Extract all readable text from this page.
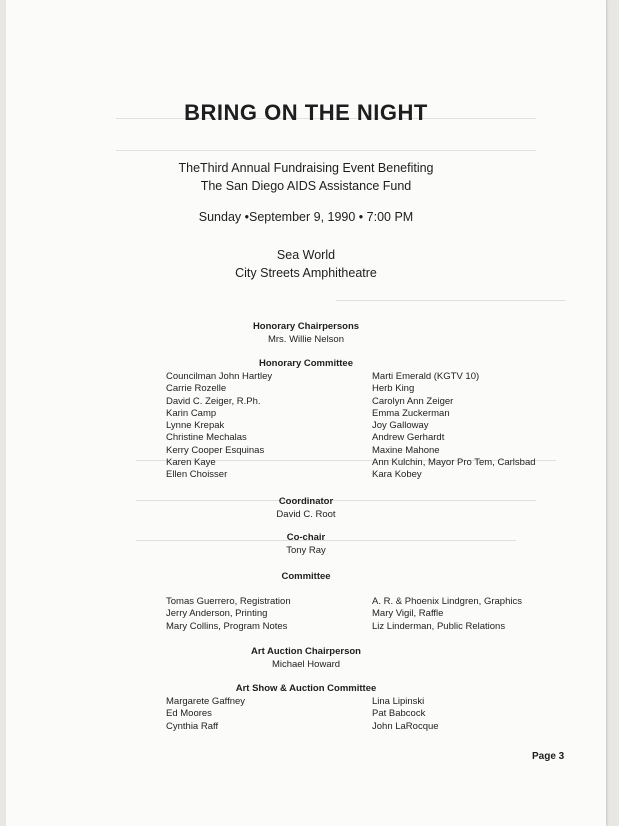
BRING ON THE NIGHT
TheThird Annual Fundraising Event Benefiting
The San Diego AIDS Assistance Fund
Sunday •September 9, 1990 • 7:00 PM
Sea World
City Streets Amphitheatre
Honorary Chairpersons
Mrs. Willie Nelson
Honorary Committee
Councilman John Hartley
Carrie Rozelle
David C. Zeiger, R.Ph.
Karin Camp
Lynne Krepak
Christine Mechalas
Kerry Cooper Esquinas
Karen Kaye
Ellen Choisser
Marti Emerald (KGTV 10)
Herb King
Carolyn Ann Zeiger
Emma Zuckerman
Joy Galloway
Andrew Gerhardt
Maxine Mahone
Ann Kulchin, Mayor Pro Tem, Carlsbad
Kara Kobey
Coordinator
David C. Root
Co-chair
Tony Ray
Committee
Tomas Guerrero, Registration
Jerry Anderson, Printing
Mary Collins, Program Notes
A. R. & Phoenix Lindgren, Graphics
Mary Vigil, Raffle
Liz Linderman, Public Relations
Art Auction Chairperson
Michael Howard
Art Show & Auction Committee
Margarete Gaffney
Ed Moores
Cynthia Raff
Lina Lipinski
Pat Babcock
John LaRocque
Page 3
